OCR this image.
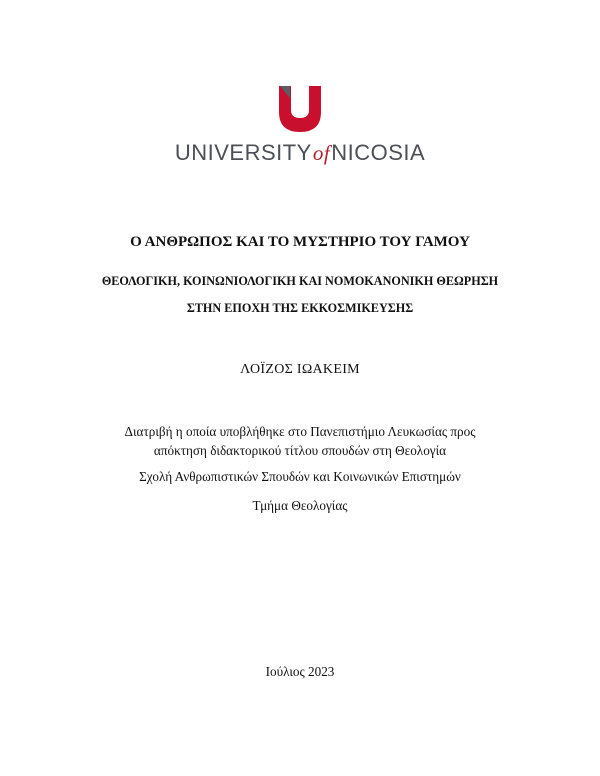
UNIVERSITYofNICOSIA
Ο ΑΝΘΡΩΠΟΣ ΚΑΙ ΤΟ ΜΥΣΤΗΡΙΟ ΤΟΥ ΓΑΜΟΥ
ΘΕΟΛΟΓΙΚΗ, ΚΟΙΝΩΝΙΟΛΟΓΙΚΗ ΚΑΙ ΝΟΜΟΚΑΝΟΝΙΚΗ ΘΕΩΡΗΣΗ
ΣΤΗΝ ΕΠΟΧΗ ΤΗΣ ΕΚΚΟΣΜΙΚΕΥΣΗΣ
ΛΟΪΖΟΣ ΙΩΑΚΕΙΜ
Διατριβή η οποία υποβλήθηκε στο Πανεπιστήμιο Λευκωσίας προς
απόκτηση διδακτορικού τίτλου σπουδών στη Θεολογία
Σχολή Ανθρωπιστικών Σπουδών και Κοινωνικών Επιστημών
Τμήμα Θεολογίας
Ιούλιος 2023
